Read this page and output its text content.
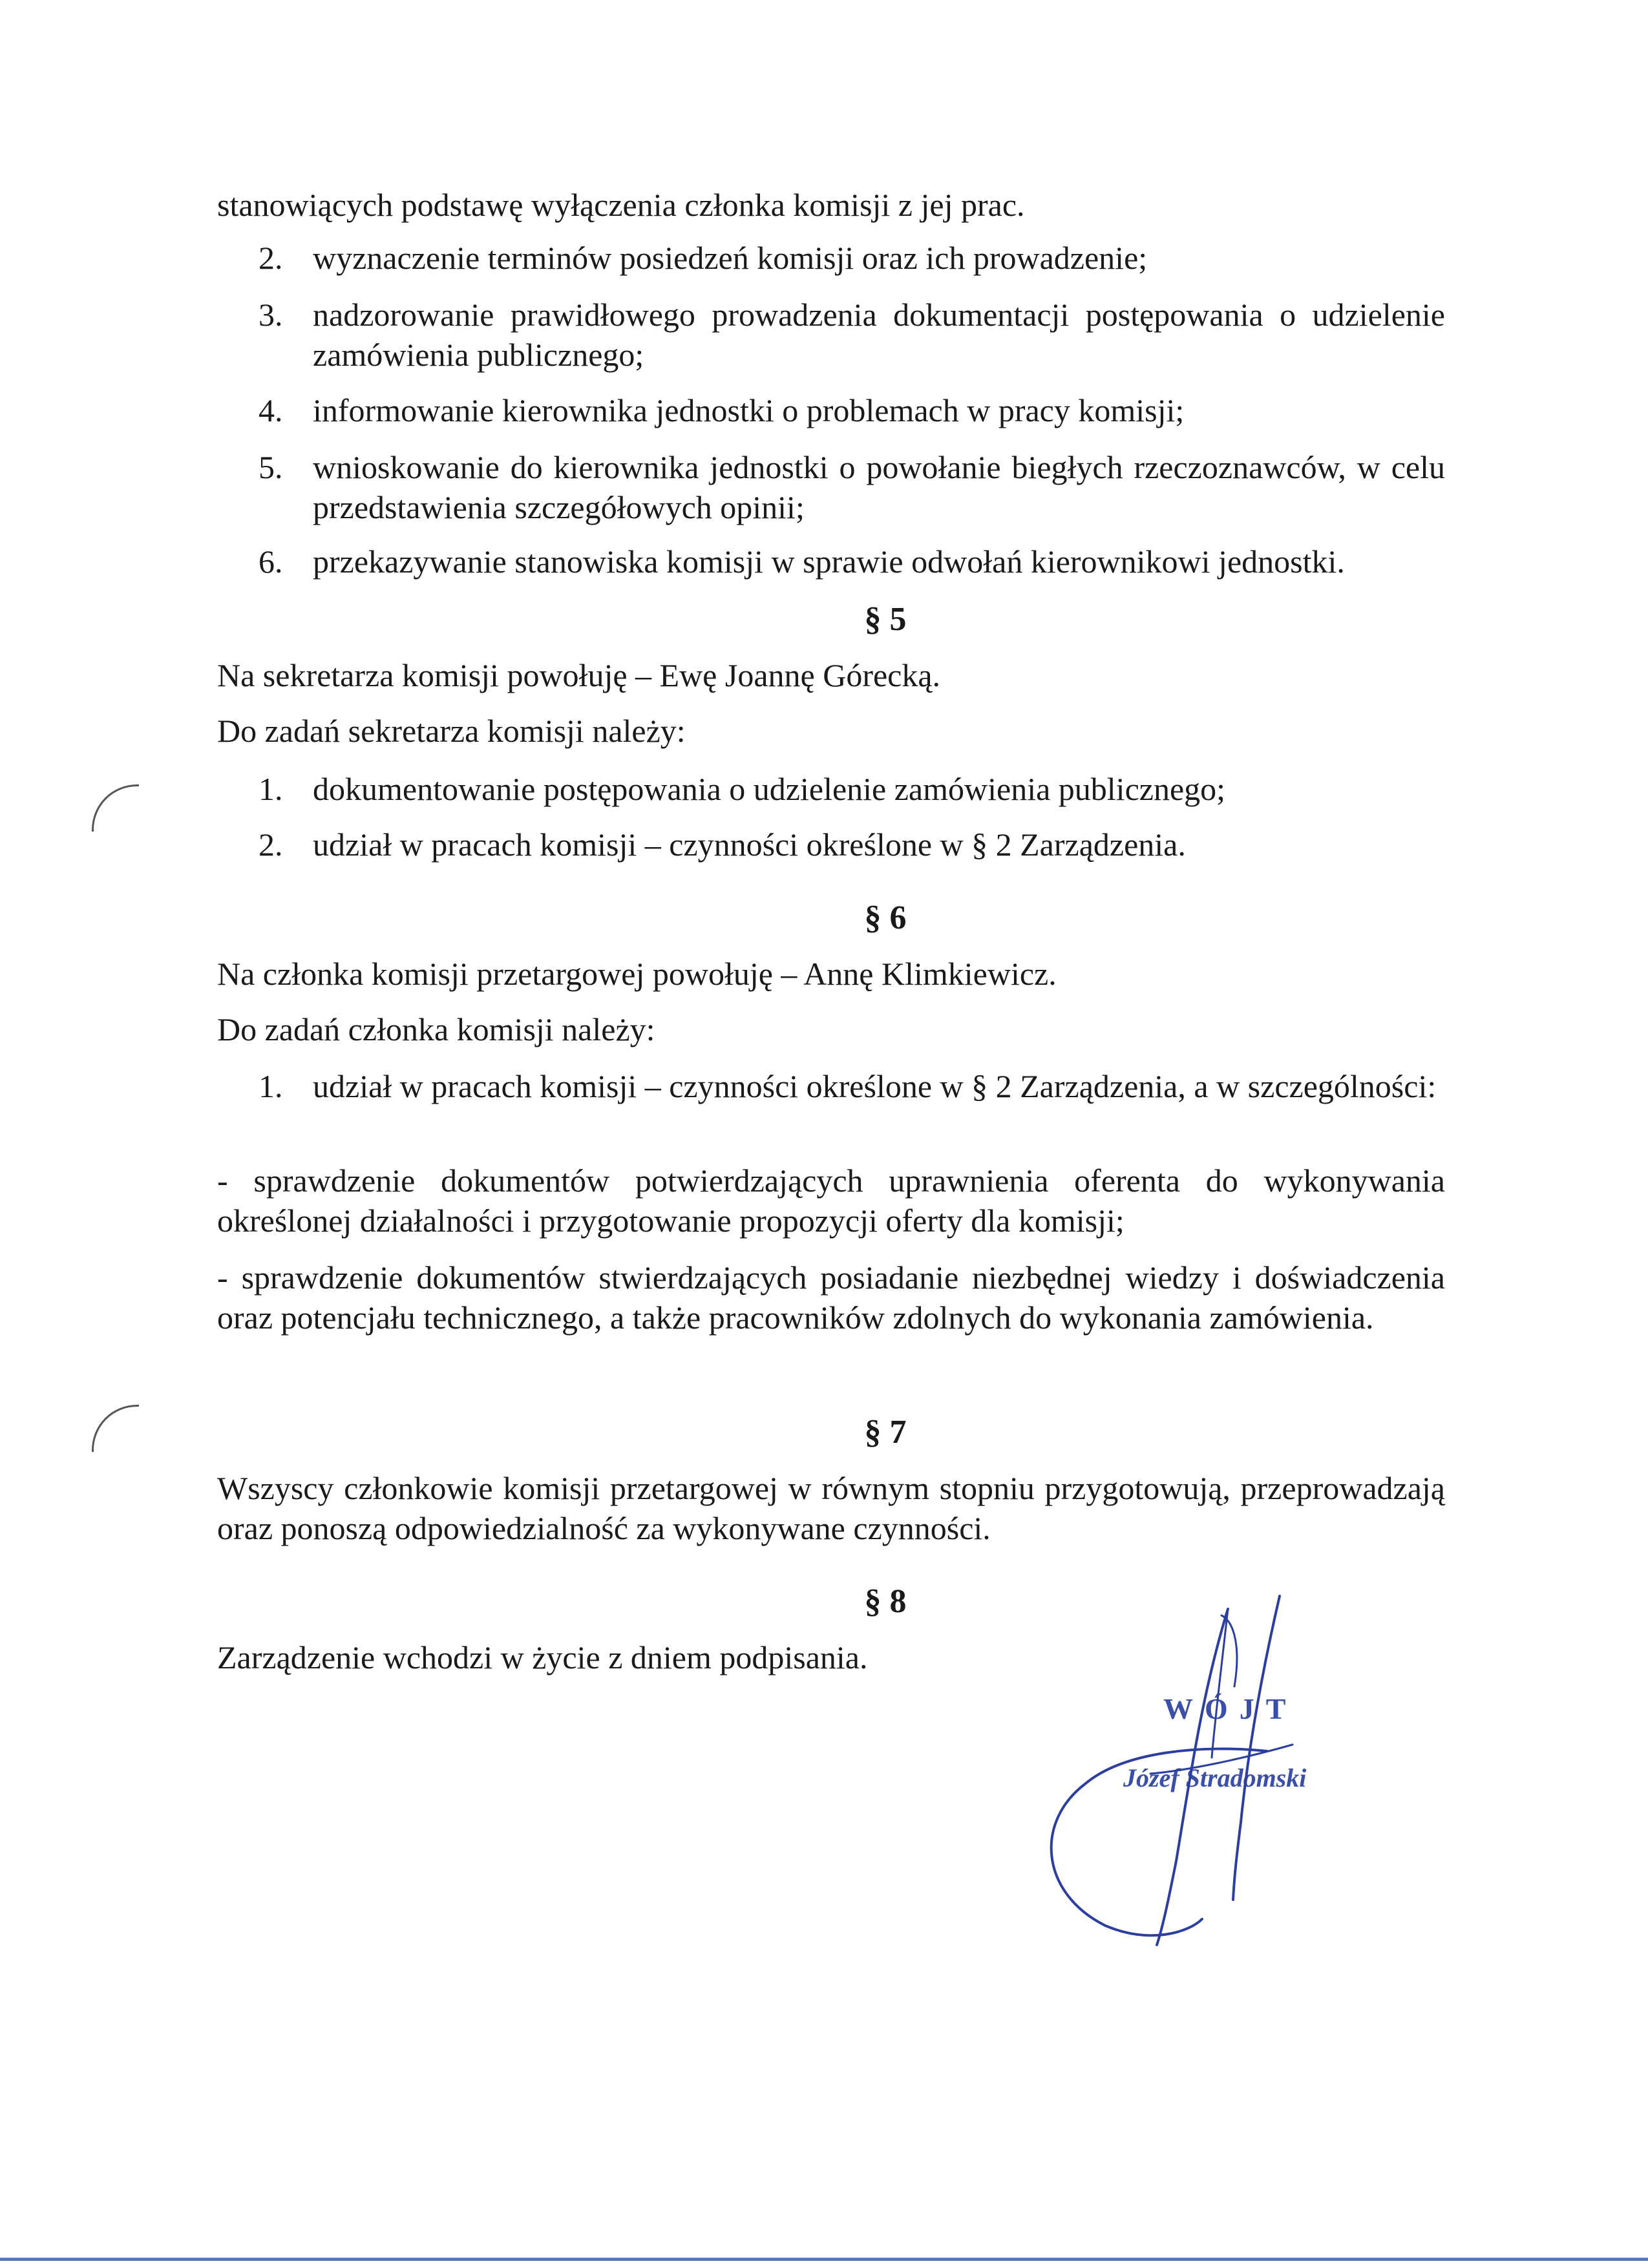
stanowiących podstawę wyłączenia członka komisji z jej prac.
2. wyznaczenie terminów posiedzeń komisji oraz ich prowadzenie;
3. nadzorowanie prawidłowego prowadzenia dokumentacji postępowania o udzielenie zamówienia publicznego;
4. informowanie kierownika jednostki o problemach w pracy komisji;
5. wnioskowanie do kierownika jednostki o powołanie biegłych rzeczoznawców, w celu przedstawienia szczegółowych opinii;
6. przekazywanie stanowiska komisji w sprawie odwołań kierownikowi jednostki.
§ 5
Na sekretarza komisji powołuję – Ewę Joannę Górecką.
Do zadań sekretarza komisji należy:
1. dokumentowanie postępowania o udzielenie zamówienia publicznego;
2. udział w pracach komisji – czynności określone w § 2 Zarządzenia.
§ 6
Na członka komisji przetargowej powołuję – Annę Klimkiewicz.
Do zadań członka komisji należy:
1. udział w pracach komisji – czynności określone w § 2 Zarządzenia, a w szczególności:
- sprawdzenie dokumentów potwierdzających uprawnienia oferenta do wykonywania określonej działalności i przygotowanie propozycji oferty dla komisji;
- sprawdzenie dokumentów stwierdzających posiadanie niezbędnej wiedzy i doświadczenia oraz potencjału technicznego, a także pracowników zdolnych do wykonania zamówienia.
§ 7
Wszyscy członkowie komisji przetargowej w równym stopniu przygotowują, przeprowadzają oraz ponoszą odpowiedzialność za wykonywane czynności.
§ 8
Zarządzenie wchodzi w życie z dniem podpisania.
WÓJT
Józef Stradomski
